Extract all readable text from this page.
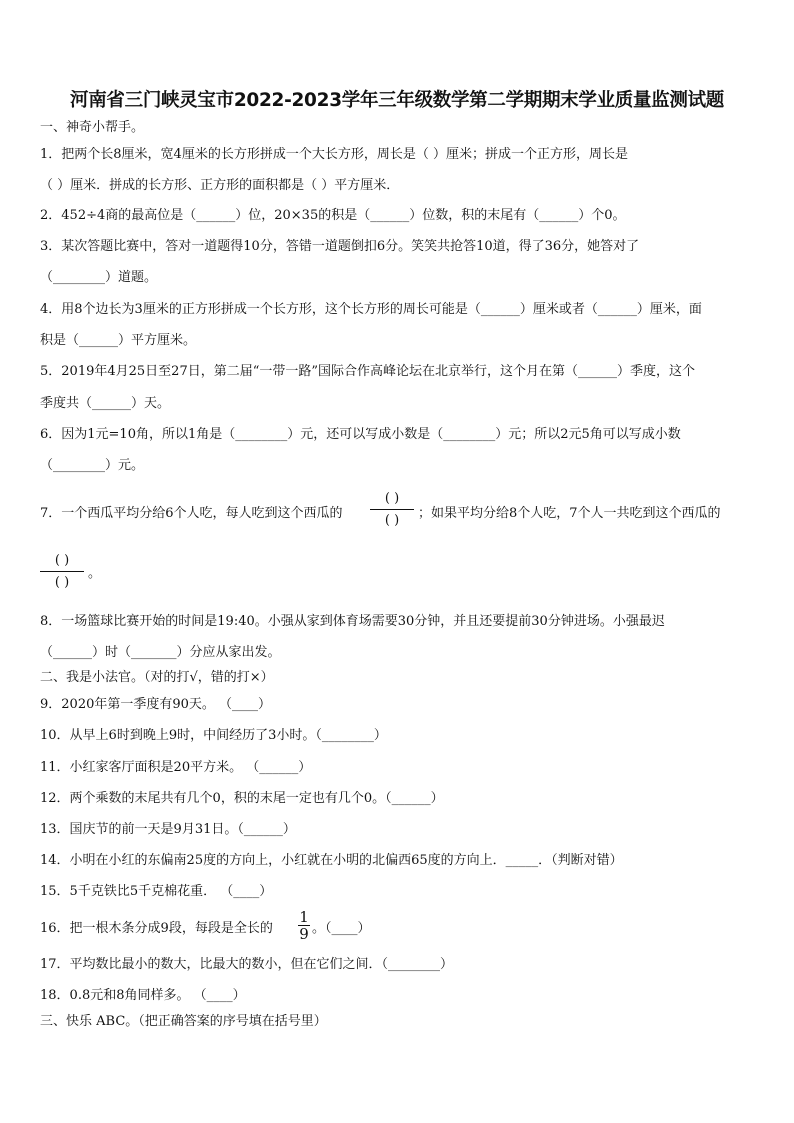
河南省三门峡灵宝市2022-2023学年三年级数学第二学期期末学业质量监测试题
一、神奇小帮手。
1．把两个长8厘米，宽4厘米的长方形拼成一个大长方形，周长是（ ）厘米；拼成一个正方形，周长是
（ ）厘米．拼成的长方形、正方形的面积都是（ ）平方厘米．
2．452÷4商的最高位是（______）位，20×35的积是（______）位数，积的末尾有（______）个0。
3．某次答题比赛中，答对一道题得10分，答错一道题倒扣6分。笑笑共抢答10道，得了36分，她答对了
（________）道题。
4．用8个边长为3厘米的正方形拼成一个长方形，这个长方形的周长可能是（______）厘米或者（______）厘米，面
积是（______）平方厘米。
5．2019年4月25日至27日，第二届“一带一路”国际合作高峰论坛在北京举行，这个月在第（______）季度，这个
季度共（______）天。
6．因为1元=10角，所以1角是（________）元，还可以写成小数是（________）元；所以2元5角可以写成小数
（________）元。
7．一个西瓜平均分给6个人吃，每人吃到这个西瓜的
( )
( )	；如果平均分给8个人吃，7个人一共吃到这个西瓜的
( )
( )
。
8．一场篮球比赛开始的时间是19:40。小强从家到体育场需要30分钟，并且还要提前30分钟进场。小强最迟
（______）时（_______）分应从家出发。
二、我是小法官。（对的打√，错的打×）
9．2020年第一季度有90天。 （____）
10．从早上6时到晚上9时，中间经历了3小时。（________）
11．小红家客厅面积是20平方米。 （______）
12．两个乘数的末尾共有几个0，积的末尾一定也有几个0。（______）
13．国庆节的前一天是9月31日。（______）
14．小明在小红的东偏南25度的方向上，小红就在小明的北偏西65度的方向上．_____．（判断对错）
15．5千克铁比5千克棉花重． （____）
16．把一根木条分成9段，每段是全长的
1
9 。（____）
17．平均数比最小的数大，比最大的数小，但在它们之间．（________）
18．0.8元和8角同样多。 （____）
三、快乐 ABC。（把正确答案的序号填在括号里）
